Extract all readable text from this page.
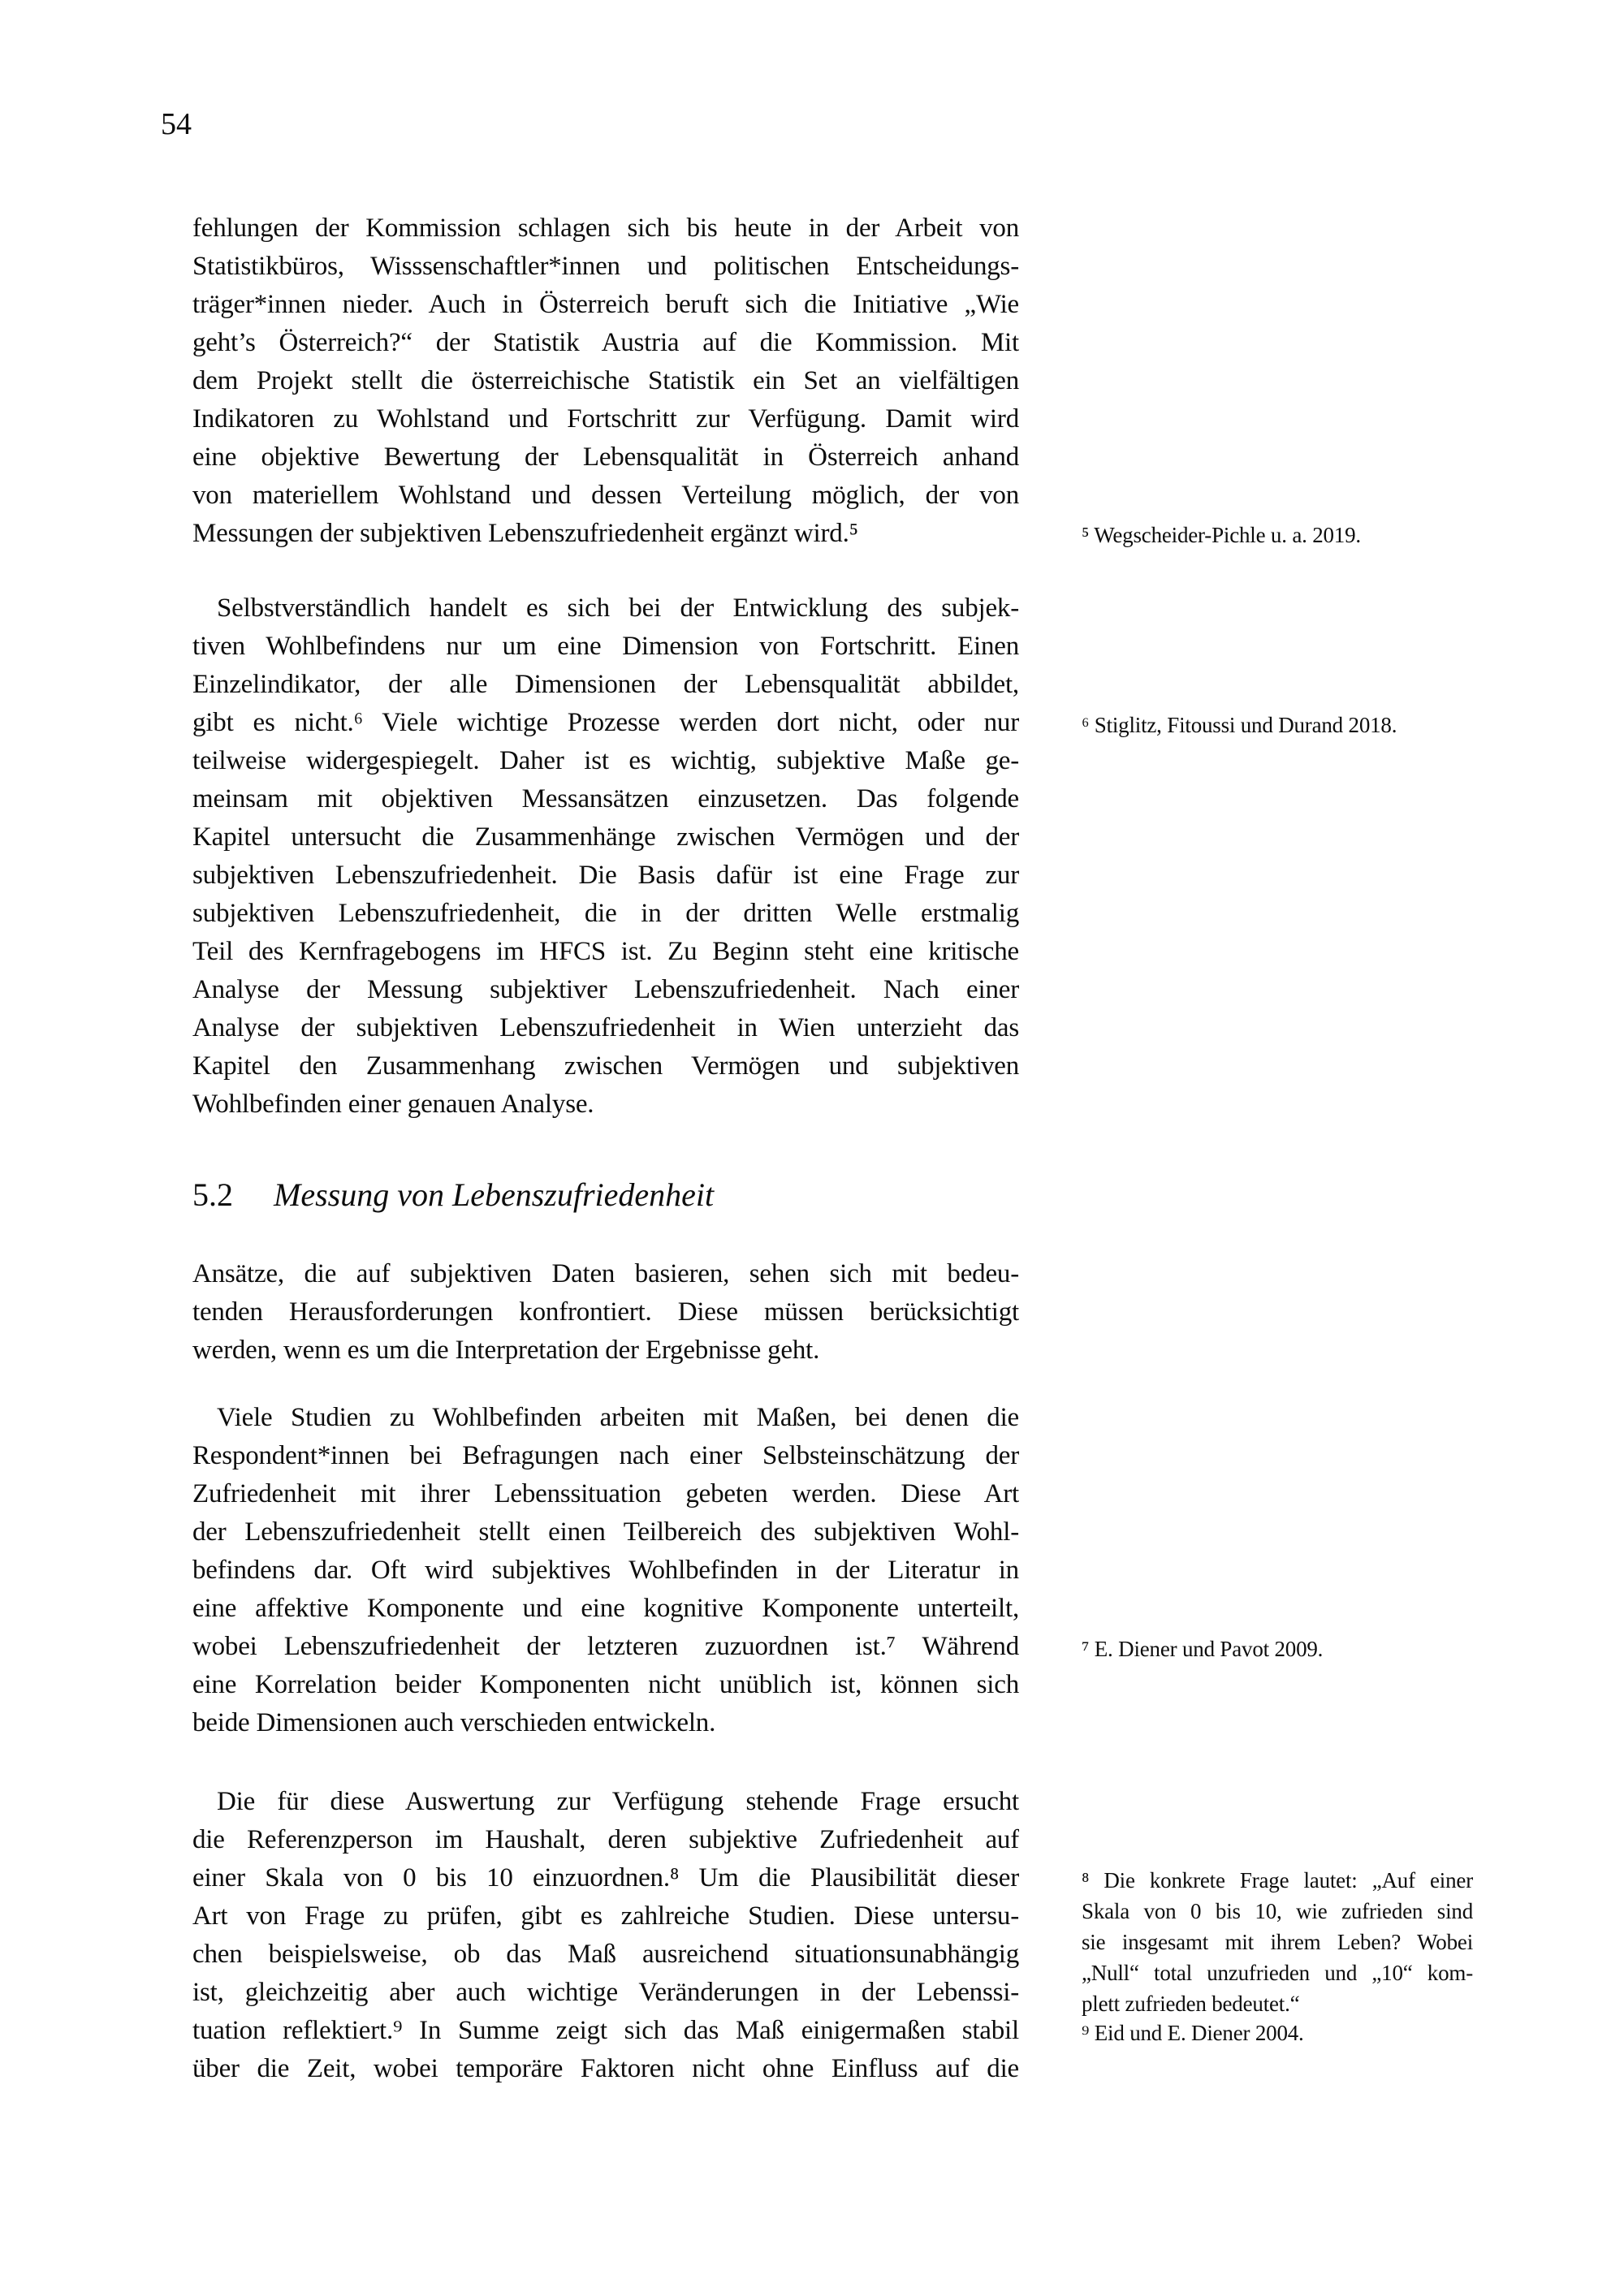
54
fehlungen der Kommission schlagen sich bis heute in der Arbeit von
Statistikbüros, Wisssenschaftler*innen und politischen Entscheidungs-
träger*innen nieder. Auch in Österreich beruft sich die Initiative „Wie
geht’s Österreich?“ der Statistik Austria auf die Kommission. Mit
dem Projekt stellt die österreichische Statistik ein Set an vielfältigen
Indikatoren zu Wohlstand und Fortschritt zur Verfügung. Damit wird
eine objektive Bewertung der Lebensqualität in Österreich anhand
von materiellem Wohlstand und dessen Verteilung möglich, der von
Messungen der subjektiven Lebenszufriedenheit ergänzt wird.⁵
Selbstverständlich handelt es sich bei der Entwicklung des subjek-
tiven Wohlbefindens nur um eine Dimension von Fortschritt. Einen
Einzelindikator, der alle Dimensionen der Lebensqualität abbildet,
gibt es nicht.⁶ Viele wichtige Prozesse werden dort nicht, oder nur
teilweise widergespiegelt. Daher ist es wichtig, subjektive Maße ge-
meinsam mit objektiven Messansätzen einzusetzen. Das folgende
Kapitel untersucht die Zusammenhänge zwischen Vermögen und der
subjektiven Lebenszufriedenheit. Die Basis dafür ist eine Frage zur
subjektiven Lebenszufriedenheit, die in der dritten Welle erstmalig
Teil des Kernfragebogens im HFCS ist. Zu Beginn steht eine kritische
Analyse der Messung subjektiver Lebenszufriedenheit. Nach einer
Analyse der subjektiven Lebenszufriedenheit in Wien unterzieht das
Kapitel den Zusammenhang zwischen Vermögen und subjektiven
Wohlbefinden einer genauen Analyse.
5.2 Messung von Lebenszufriedenheit
Ansätze, die auf subjektiven Daten basieren, sehen sich mit bedeu-
tenden Herausforderungen konfrontiert. Diese müssen berücksichtigt
werden, wenn es um die Interpretation der Ergebnisse geht.
Viele Studien zu Wohlbefinden arbeiten mit Maßen, bei denen die
Respondent*innen bei Befragungen nach einer Selbsteinschätzung der
Zufriedenheit mit ihrer Lebenssituation gebeten werden. Diese Art
der Lebenszufriedenheit stellt einen Teilbereich des subjektiven Wohl-
befindens dar. Oft wird subjektives Wohlbefinden in der Literatur in
eine affektive Komponente und eine kognitive Komponente unterteilt,
wobei Lebenszufriedenheit der letzteren zuzuordnen ist.⁷ Während
eine Korrelation beider Komponenten nicht unüblich ist, können sich
beide Dimensionen auch verschieden entwickeln.
Die für diese Auswertung zur Verfügung stehende Frage ersucht
die Referenzperson im Haushalt, deren subjektive Zufriedenheit auf
einer Skala von 0 bis 10 einzuordnen.⁸ Um die Plausibilität dieser
Art von Frage zu prüfen, gibt es zahlreiche Studien. Diese untersu-
chen beispielsweise, ob das Maß ausreichend situationsunabhängig
ist, gleichzeitig aber auch wichtige Veränderungen in der Lebenssi-
tuation reflektiert.⁹ In Summe zeigt sich das Maß einigermaßen stabil
über die Zeit, wobei temporäre Faktoren nicht ohne Einfluss auf die
⁵ Wegscheider-Pichle u. a. 2019.
⁶ Stiglitz, Fitoussi und Durand 2018.
⁷ E. Diener und Pavot 2009.
⁸ Die konkrete Frage lautet: „Auf einer
Skala von 0 bis 10, wie zufrieden sind
sie insgesamt mit ihrem Leben? Wobei
„Null“ total unzufrieden und „10“ kom-
plett zufrieden bedeutet.“
⁹ Eid und E. Diener 2004.
